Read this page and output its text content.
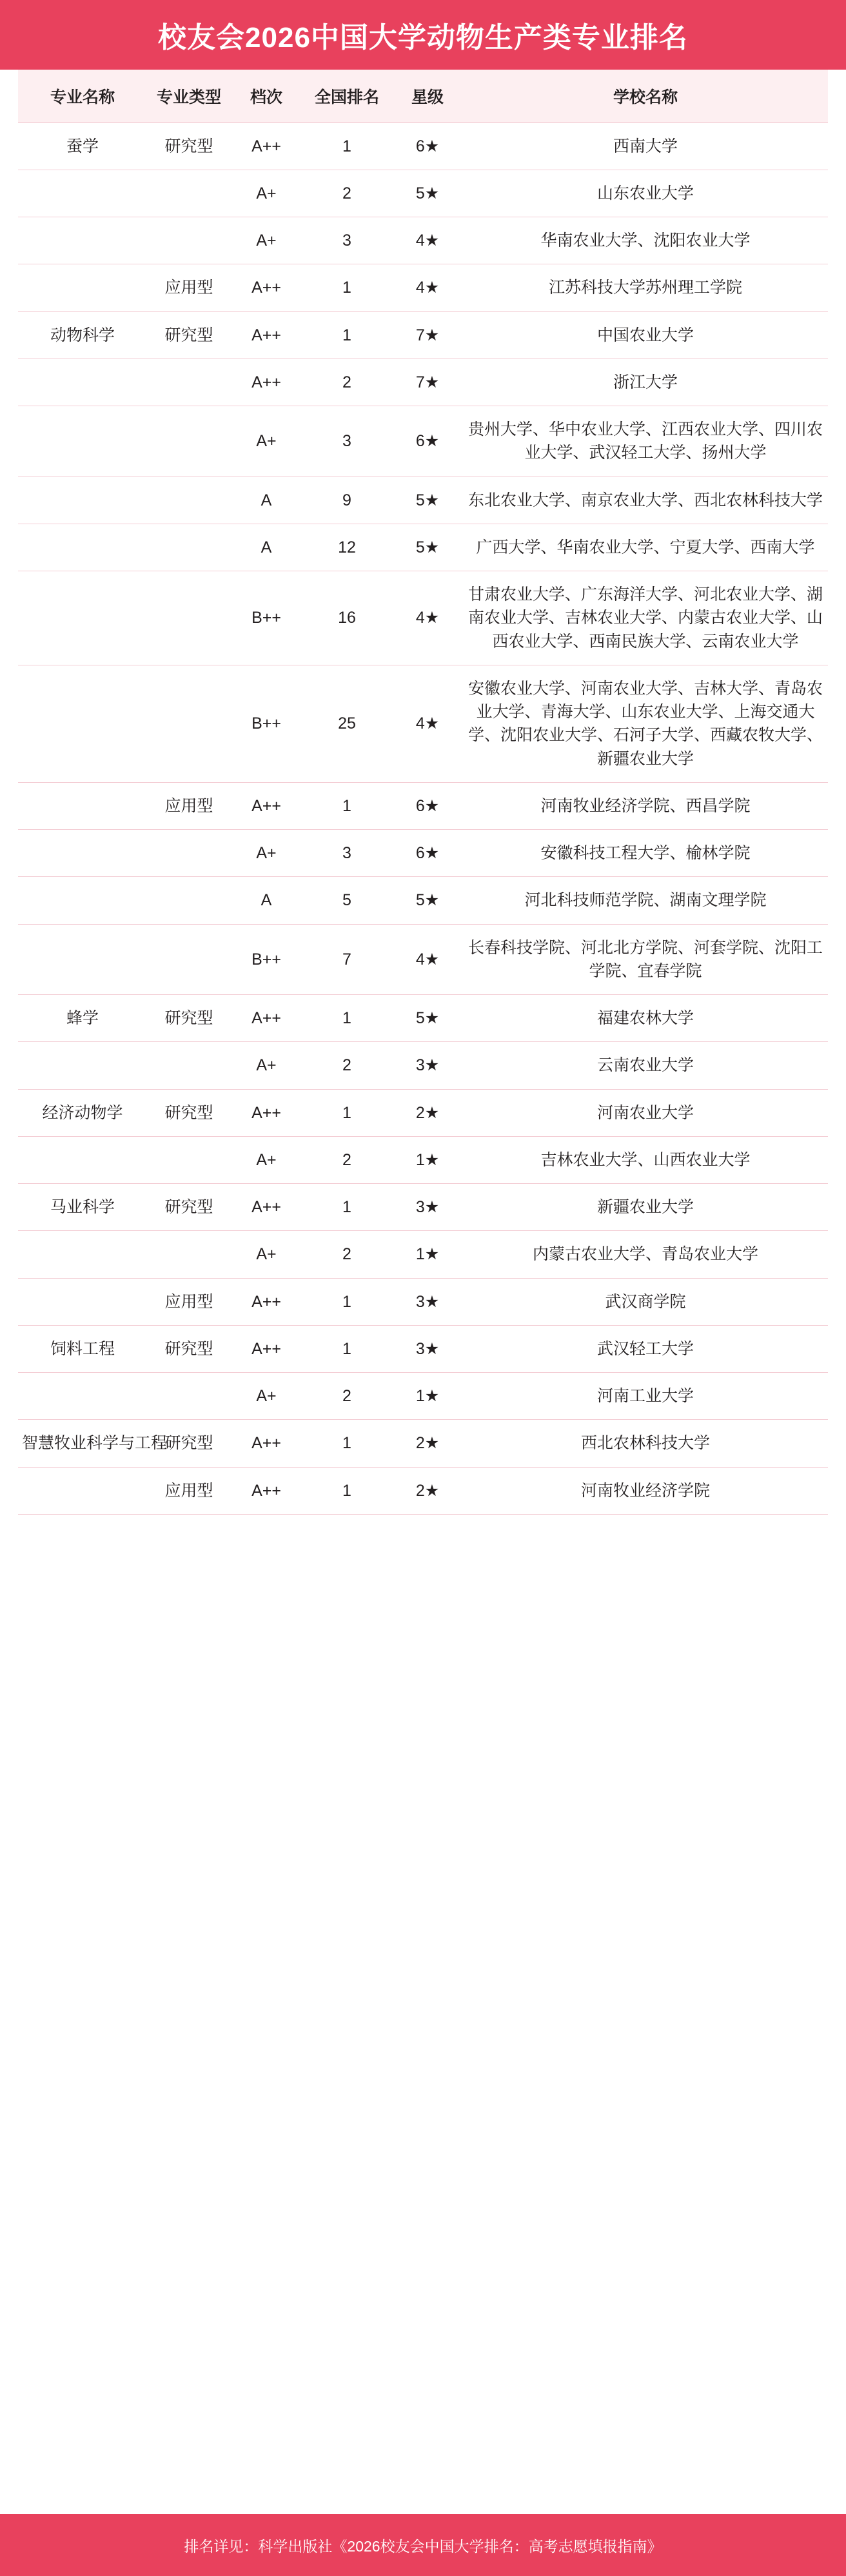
校友会2026中国大学动物生产类专业排名
专业名称	专业类型	档次	全国排名	星级	学校名称
蚕学	研究型	A++	1	6★	西南大学
		A+	2	5★	山东农业大学
		A+	3	4★	华南农业大学、沈阳农业大学
	应用型	A++	1	4★	江苏科技大学苏州理工学院
动物科学	研究型	A++	1	7★	中国农业大学
		A++	2	7★	浙江大学
		A+	3	6★	贵州大学、华中农业大学、江西农业大学、四川农业大学、武汉轻工大学、扬州大学
		A	9	5★	东北农业大学、南京农业大学、西北农林科技大学
		A	12	5★	广西大学、华南农业大学、宁夏大学、西南大学
		B++	16	4★	甘肃农业大学、广东海洋大学、河北农业大学、湖南农业大学、吉林农业大学、内蒙古农业大学、山西农业大学、西南民族大学、云南农业大学
		B++	25	4★	安徽农业大学、河南农业大学、吉林大学、青岛农业大学、青海大学、山东农业大学、上海交通大学、沈阳农业大学、石河子大学、西藏农牧大学、新疆农业大学
	应用型	A++	1	6★	河南牧业经济学院、西昌学院
		A+	3	6★	安徽科技工程大学、榆林学院
		A	5	5★	河北科技师范学院、湖南文理学院
		B++	7	4★	长春科技学院、河北北方学院、河套学院、沈阳工学院、宜春学院
蜂学	研究型	A++	1	5★	福建农林大学
		A+	2	3★	云南农业大学
经济动物学	研究型	A++	1	2★	河南农业大学
		A+	2	1★	吉林农业大学、山西农业大学
马业科学	研究型	A++	1	3★	新疆农业大学
		A+	2	1★	内蒙古农业大学、青岛农业大学
	应用型	A++	1	3★	武汉商学院
饲料工程	研究型	A++	1	3★	武汉轻工大学
		A+	2	1★	河南工业大学
智慧牧业科学与工程	研究型	A++	1	2★	西北农林科技大学
	应用型	A++	1	2★	河南牧业经济学院
排名详见：科学出版社《2026校友会中国大学排名：高考志愿填报指南》
